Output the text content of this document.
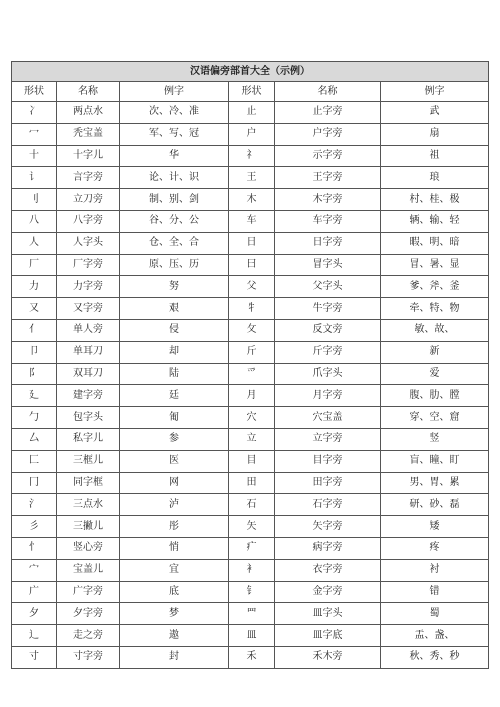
汉语偏旁部首大全（示例）					
形状	名称	例字	形状	名称	例字
冫	两点水	次、冷、准	止	止字旁	武
冖	秃宝盖	军、写、冠	户	户字旁	扇
十	十字儿	华	礻	示字旁	祖
讠	言字旁	论、计、识	王	王字旁	琅
刂	立刀旁	制、别、剑	木	木字旁	村、桂、极
八	八字旁	谷、分、公	车	车字旁	辆、输、轻
人	人字头	仓、全、合	日	日字旁	暇、明、暗
厂	厂字旁	原、压、历	曰	冒字头	冒、暑、显
力	力字旁	努	父	父字头	爹、斧、釜
又	又字旁	艰	牜	牛字旁	牵、特、物
亻	单人旁	侵	攵	反文旁	敏、故、
卩	单耳刀	却	斤	斤字旁	新
阝	双耳刀	陆	爫	爪字头	爱
廴	建字旁	廷	月	月字旁	腹、肋、膛
勹	包字头	匍	穴	穴宝盖	穿、空、窟
厶	私字儿	参	立	立字旁	竖
匚	三框儿	医	目	目字旁	盲、瞳、盯
冂	同字框	网	田	田字旁	男、胃、累
氵	三点水	泸	石	石字旁	研、砂、磊
彡	三撇儿	彤	矢	矢字旁	矮
忄	竖心旁	悄	疒	病字旁	疼
宀	宝盖儿	宜	衤	衣字旁	衬
广	广字旁	底	钅	金字旁	错
夕	夕字旁	梦	罒	皿字头	蜀
辶	走之旁	遨	皿	皿字底	盂、盏、
寸	寸字旁	封	禾	禾木旁	秋、秀、秒
